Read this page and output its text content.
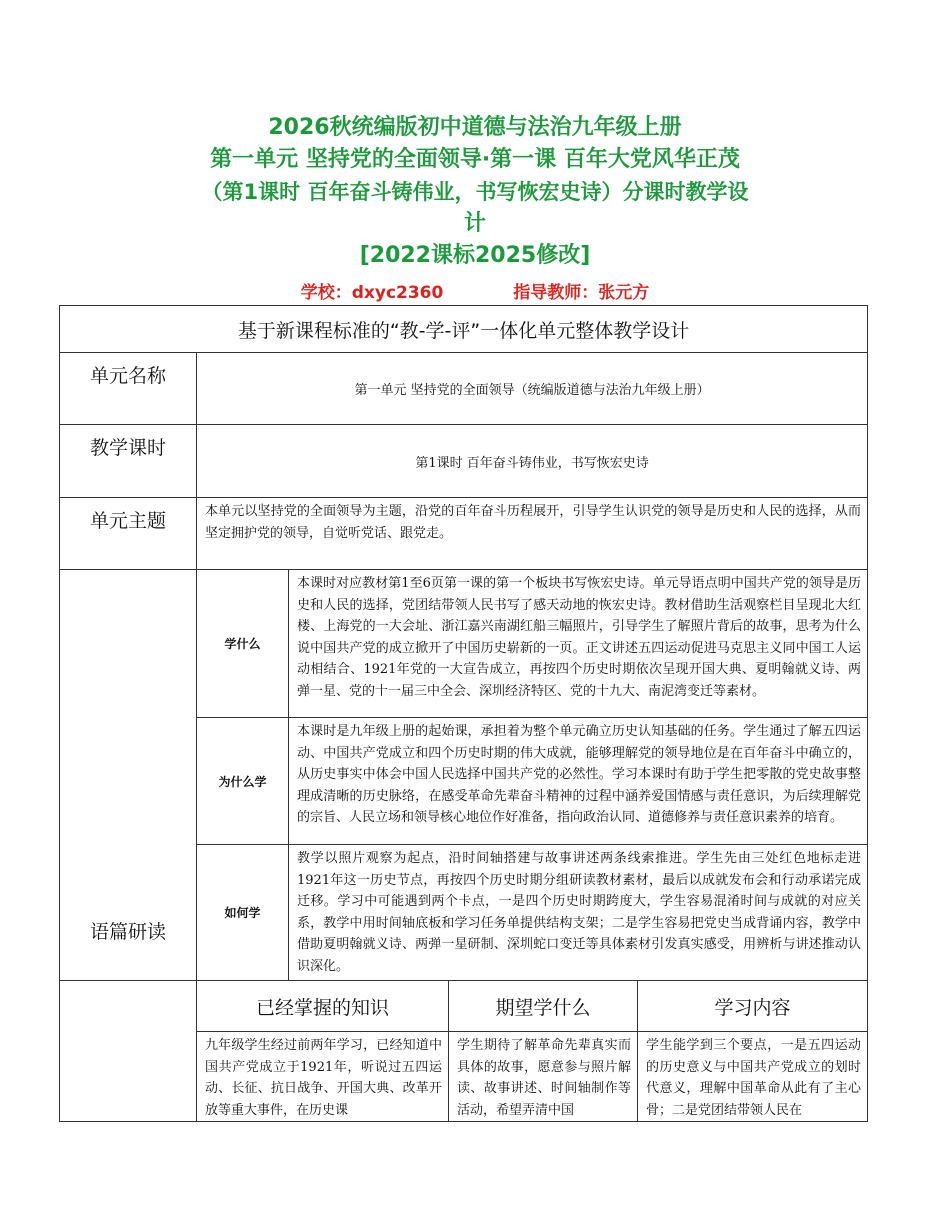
2026秋统编版初中道德与法治九年级上册

第一单元 坚持党的全面领导·第一课 百年大党风华正茂

（第1课时 百年奋斗铸伟业，书写恢宏史诗）分课时教学设

计

[2022课标2025修改]

学校：dxyc2360	指导教师：张元方
基于新课程标准的“教-学-评”一体化单元整体教学设计				
单元名称	第一单元 坚持党的全面领导（统编版道德与法治九年级上册）			
教学课时	第1课时 百年奋斗铸伟业，书写恢宏史诗			
单元主题	本单元以坚持党的全面领导为主题，沿党的百年奋斗历程展开，引导学生认识党的领导是历史和人民的选择，从而坚定拥护党的领导，自觉听党话、跟党走。			
语篇研读	学什么	本课时对应教材第1至6页第一课的第一个板块书写恢宏史诗。单元导语点明中国共产党的领导是历史和人民的选择，党团结带领人民书写了感天动地的恢宏史诗。教材借助生活观察栏目呈现北大红楼、上海党的一大会址、浙江嘉兴南湖红船三幅照片，引导学生了解照片背后的故事，思考为什么说中国共产党的成立掀开了中国历史崭新的一页。正文讲述五四运动促进马克思主义同中国工人运动相结合、1921年党的一大宣告成立，再按四个历史时期依次呈现开国大典、夏明翰就义诗、两弹一星、党的十一届三中全会、深圳经济特区、党的十九大、南泥湾变迁等素材。		
	为什么学	本课时是九年级上册的起始课，承担着为整个单元确立历史认知基础的任务。学生通过了解五四运动、中国共产党成立和四个历史时期的伟大成就，能够理解党的领导地位是在百年奋斗中确立的，从历史事实中体会中国人民选择中国共产党的必然性。学习本课时有助于学生把零散的党史故事整理成清晰的历史脉络，在感受革命先辈奋斗精神的过程中涵养爱国情感与责任意识，为后续理解党的宗旨、人民立场和领导核心地位作好准备，指向政治认同、道德修养与责任意识素养的培育。		
	如何学	教学以照片观察为起点，沿时间轴搭建与故事讲述两条线索推进。学生先由三处红色地标走进1921年这一历史节点，再按四个历史时期分组研读教材素材，最后以成就发布会和行动承诺完成迁移。学习中可能遇到两个卡点，一是四个历史时期跨度大，学生容易混淆时间与成就的对应关系，教学中用时间轴底板和学习任务单提供结构支架；二是学生容易把党史当成背诵内容，教学中借助夏明翰就义诗、两弹一星研制、深圳蛇口变迁等具体素材引发真实感受，用辨析与讲述推动认识深化。		
	已经掌握的知识		期望学什么	学习内容
	九年级学生经过前两年学习，已经知道中国共产党成立于1921年，听说过五四运动、长征、抗日战争、开国大典、改革开放等重大事件，在历史课		学生期待了解革命先辈真实而具体的故事，愿意参与照片解读、故事讲述、时间轴制作等活动，希望弄清中国	学生能学到三个要点，一是五四运动的历史意义与中国共产党成立的划时代意义，理解中国革命从此有了主心骨；二是党团结带领人民在
